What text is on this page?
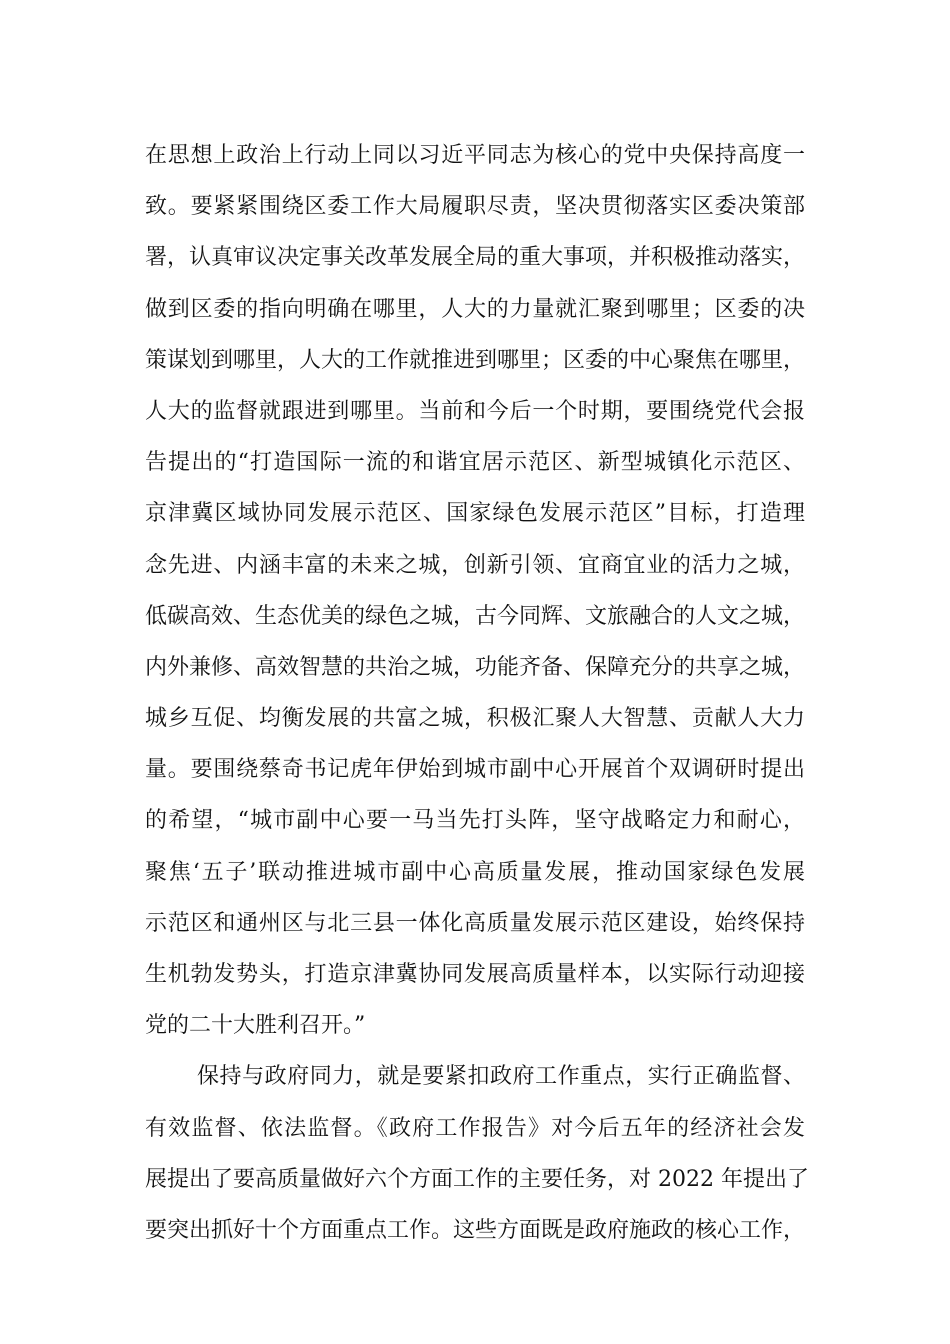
在思想上政治上行动上同以习近平同志为核心的党中央保持高度一
致。要紧紧围绕区委工作大局履职尽责，坚决贯彻落实区委决策部
署，认真审议决定事关改革发展全局的重大事项，并积极推动落实，
做到区委的指向明确在哪里，人大的力量就汇聚到哪里；区委的决
策谋划到哪里，人大的工作就推进到哪里；区委的中心聚焦在哪里，
人大的监督就跟进到哪里。当前和今后一个时期，要围绕党代会报
告提出的“打造国际一流的和谐宜居示范区、新型城镇化示范区、
京津冀区域协同发展示范区、国家绿色发展示范区”目标，打造理
念先进、内涵丰富的未来之城，创新引领、宜商宜业的活力之城，
低碳高效、生态优美的绿色之城，古今同辉、文旅融合的人文之城，
内外兼修、高效智慧的共治之城，功能齐备、保障充分的共享之城，
城乡互促、均衡发展的共富之城，积极汇聚人大智慧、贡献人大力
量。要围绕蔡奇书记虎年伊始到城市副中心开展首个双调研时提出
的希望，“城市副中心要一马当先打头阵，坚守战略定力和耐心，
聚焦‘五子’联动推进城市副中心高质量发展，推动国家绿色发展
示范区和通州区与北三县一体化高质量发展示范区建设，始终保持
生机勃发势头，打造京津冀协同发展高质量样本，以实际行动迎接
党的二十大胜利召开。”
保持与政府同力，就是要紧扣政府工作重点，实行正确监督、
有效监督、依法监督。《政府工作报告》对今后五年的经济社会发
展提出了要高质量做好六个方面工作的主要任务，对 2022 年提出了
要突出抓好十个方面重点工作。这些方面既是政府施政的核心工作，
